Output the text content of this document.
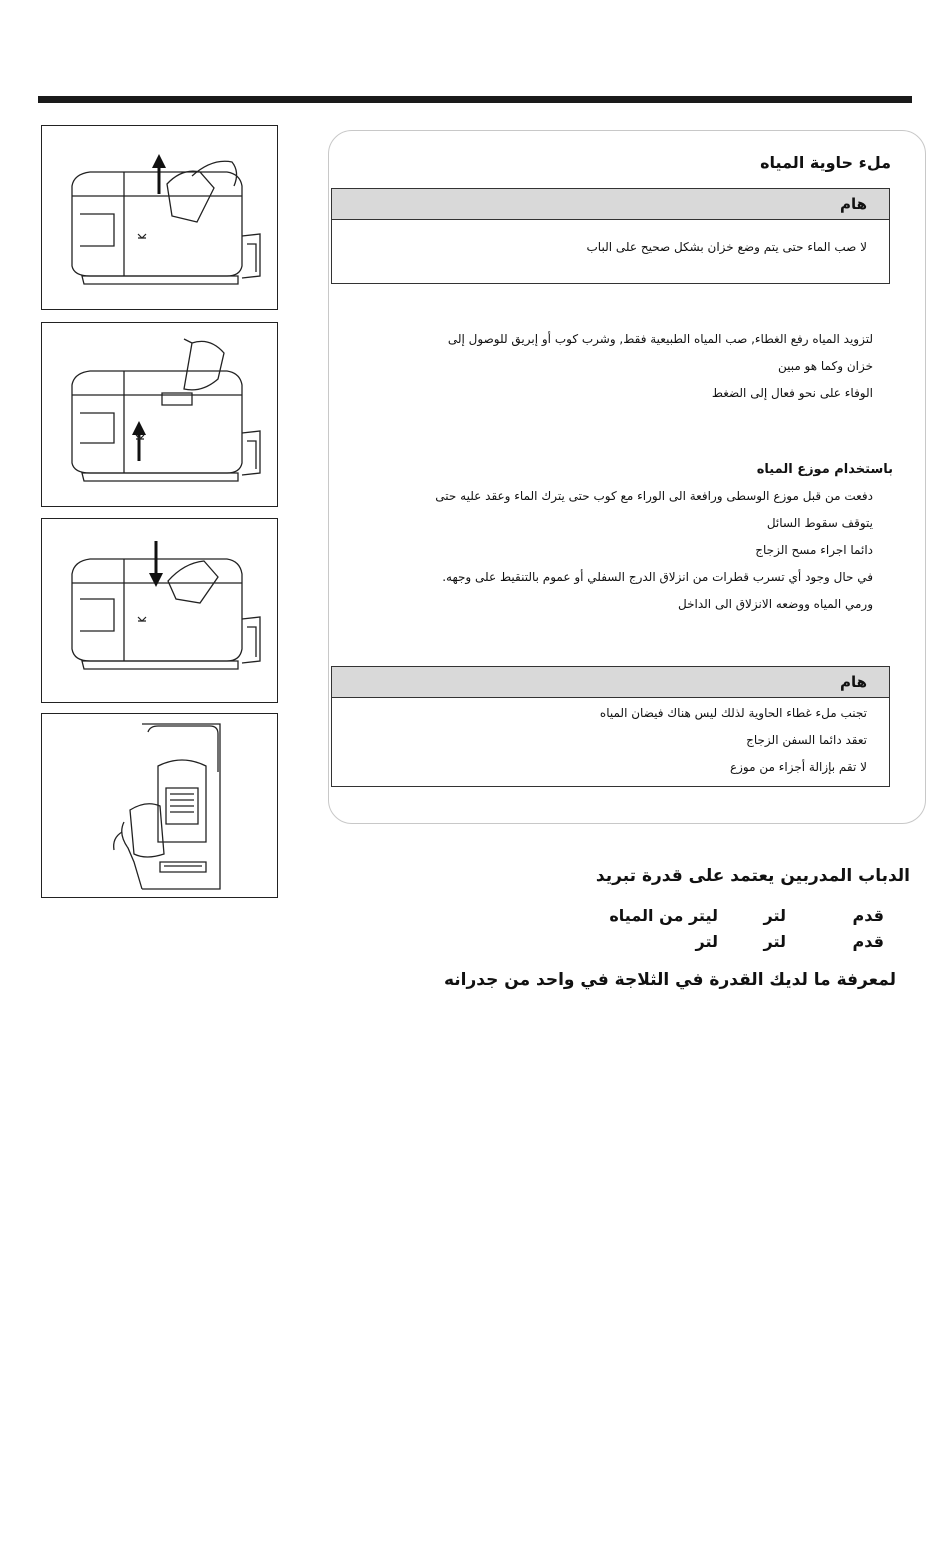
ملء حاوية المياه
هام
لا صب الماء حتى يتم وضع خزان بشكل صحيح على الباب
لتزويد المياه رفع الغطاء, صب المياه الطبيعية فقط, وشرب كوب أو إبريق للوصول إلى
خزان وكما هو مبين
الوفاء على نحو فعال إلى الضغط
باستخدام موزع المياه
دفعت من قبل موزع الوسطى ورافعة الى الوراء مع كوب حتى يترك الماء وعقد عليه حتى
يتوقف سقوط السائل
دائما اجراء مسح الزجاج
في حال وجود أي تسرب قطرات من انزلاق الدرج السفلي أو عموم بالتنقيط على وجهه.
ورمي المياه ووضعه الانزلاق الى الداخل
هام
تجنب ملء غطاء الحاوية لذلك ليس هناك فيضان المياه
تعقد دائما السفن الزجاج
لا تقم بإزالة أجزاء من موزع
الدباب المدربين يعتمد على قدرة تبريد
قدم
لتر
ليتر من المياه
قدم
لتر
لتر
لمعرفة ما لديك القدرة في الثلاجة في واحد من جدرانه
